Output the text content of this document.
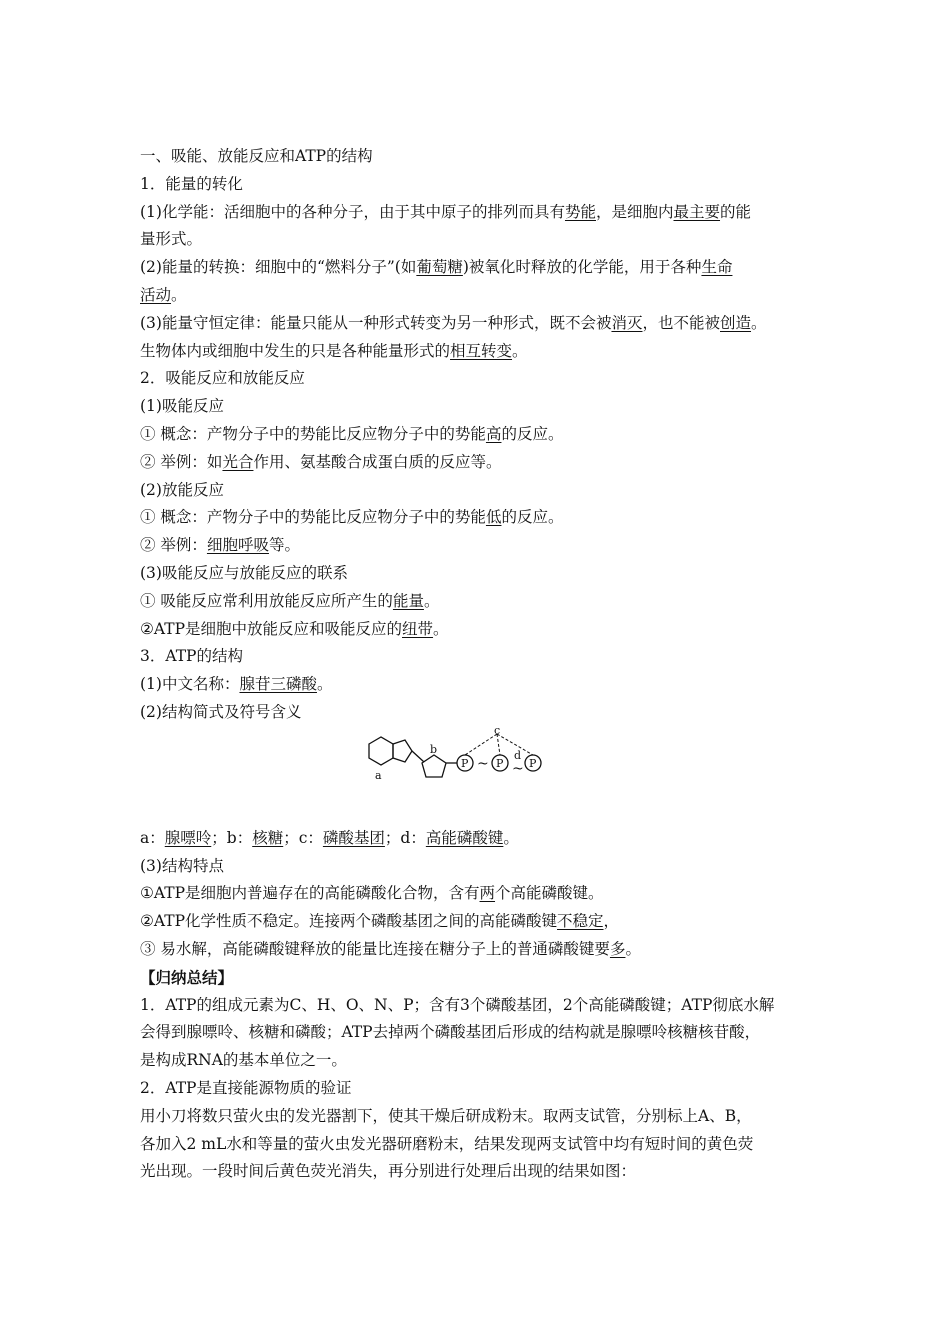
一、吸能、放能反应和ATP的结构
1．能量的转化
(1)化学能：活细胞中的各种分子，由于其中原子的排列而具有势能，是细胞内最主要的能
量形式。
(2)能量的转换：细胞中的“燃料分子”(如葡萄糖)被氧化时释放的化学能，用于各种生命
活动。
(3)能量守恒定律：能量只能从一种形式转变为另一种形式，既不会被消灭，也不能被创造。
生物体内或细胞中发生的只是各种能量形式的相互转变。
2．吸能反应和放能反应
(1)吸能反应
① 概念：产物分子中的势能比反应物分子中的势能高的反应。
② 举例：如光合作用、氨基酸合成蛋白质的反应等。
(2)放能反应
① 概念：产物分子中的势能比反应物分子中的势能低的反应。
② 举例：细胞呼吸等。
(3)吸能反应与放能反应的联系
① 吸能反应常利用放能反应所产生的能量。
②ATP是细胞中放能反应和吸能反应的纽带。
3．ATP的结构
(1)中文名称：腺苷三磷酸。
(2)结构简式及符号含义
a
b
c
d
P	P P
~ ~
a：腺嘌呤；b：核糖；c：磷酸基团；d：高能磷酸键。
(3)结构特点
①ATP是细胞内普遍存在的高能磷酸化合物，含有两个高能磷酸键。
②ATP化学性质不稳定。连接两个磷酸基团之间的高能磷酸键不稳定，
③ 易水解，高能磷酸键释放的能量比连接在糖分子上的普通磷酸键要多。
【归纳总结】
1．ATP的组成元素为C、H、O、N、P；含有3个磷酸基团，2个高能磷酸键；ATP彻底水解
会得到腺嘌呤、核糖和磷酸；ATP去掉两个磷酸基团后形成的结构就是腺嘌呤核糖核苷酸，
是构成RNA的基本单位之一。
2．ATP是直接能源物质的验证
用小刀将数只萤火虫的发光器割下，使其干燥后研成粉末。取两支试管，分别标上A、B，
各加入2 mL水和等量的萤火虫发光器研磨粉末，结果发现两支试管中均有短时间的黄色荧
光出现。一段时间后黄色荧光消失，再分别进行处理后出现的结果如图：
